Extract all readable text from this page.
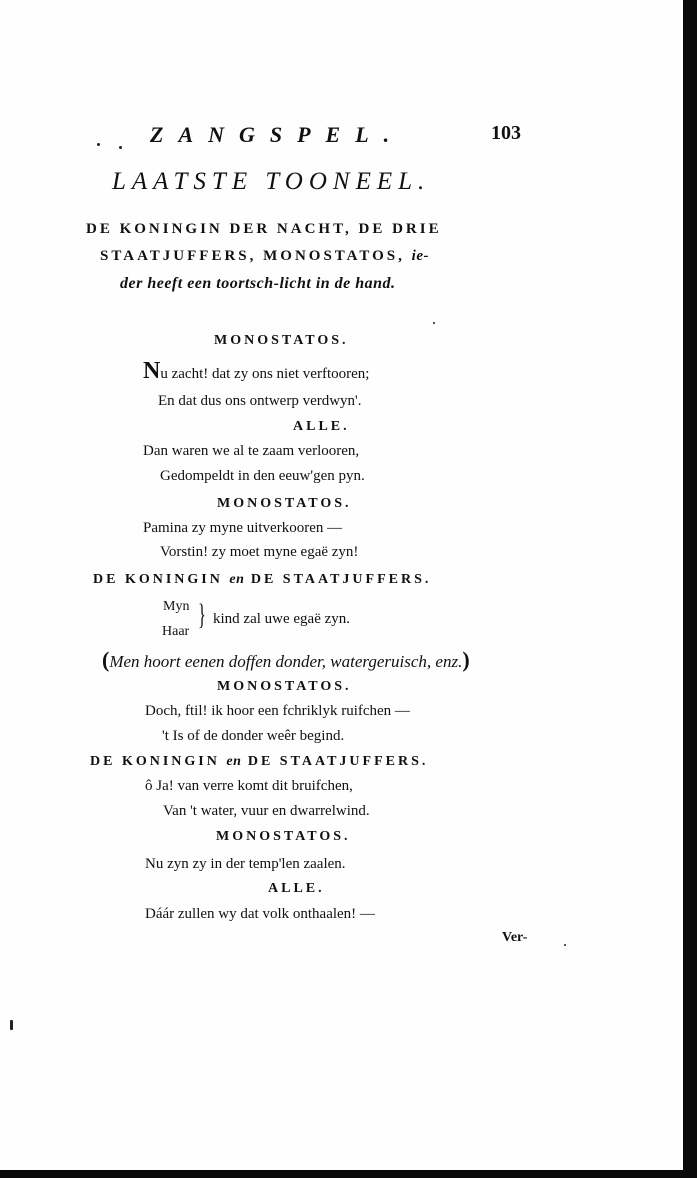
ZANGSPEL.	103
LAATSTE TOONEEL.
DE KONINGIN DER NACHT, DE DRIE
STAATJUFFERS, MONOSTATOS, ie-
der heeft een toortsch-licht in de hand.
MONOSTATOS.
Nu zacht! dat zy ons niet verftooren;
En dat dus ons ontwerp verdwyn'.
ALLE.
Dan waren we al te zaam verlooren,
Gedompeldt in den eeuw'gen pyn.
MONOSTATOS.
Pamina zy myne uitverkooren —
Vorstin! zy moet myne egaë zyn!
DE KONINGIN en DE STAATJUFFERS.
Myn
Haar
} kind zal uwe egaë zyn.
(Men hoort eenen doffen donder, watergeruisch, enz.)
MONOSTATOS.
Doch, ftil! ik hoor een fchriklyk ruifchen —
't Is of de donder weêr begind.
DE KONINGIN en DE STAATJUFFERS.
ô Ja! van verre komt dit bruifchen,
Van 't water, vuur en dwarrelwind.
MONOSTATOS.
Nu zyn zy in der temp'len zaalen.
ALLE.
Dáár zullen wy dat volk onthaalen! —
Ver-
